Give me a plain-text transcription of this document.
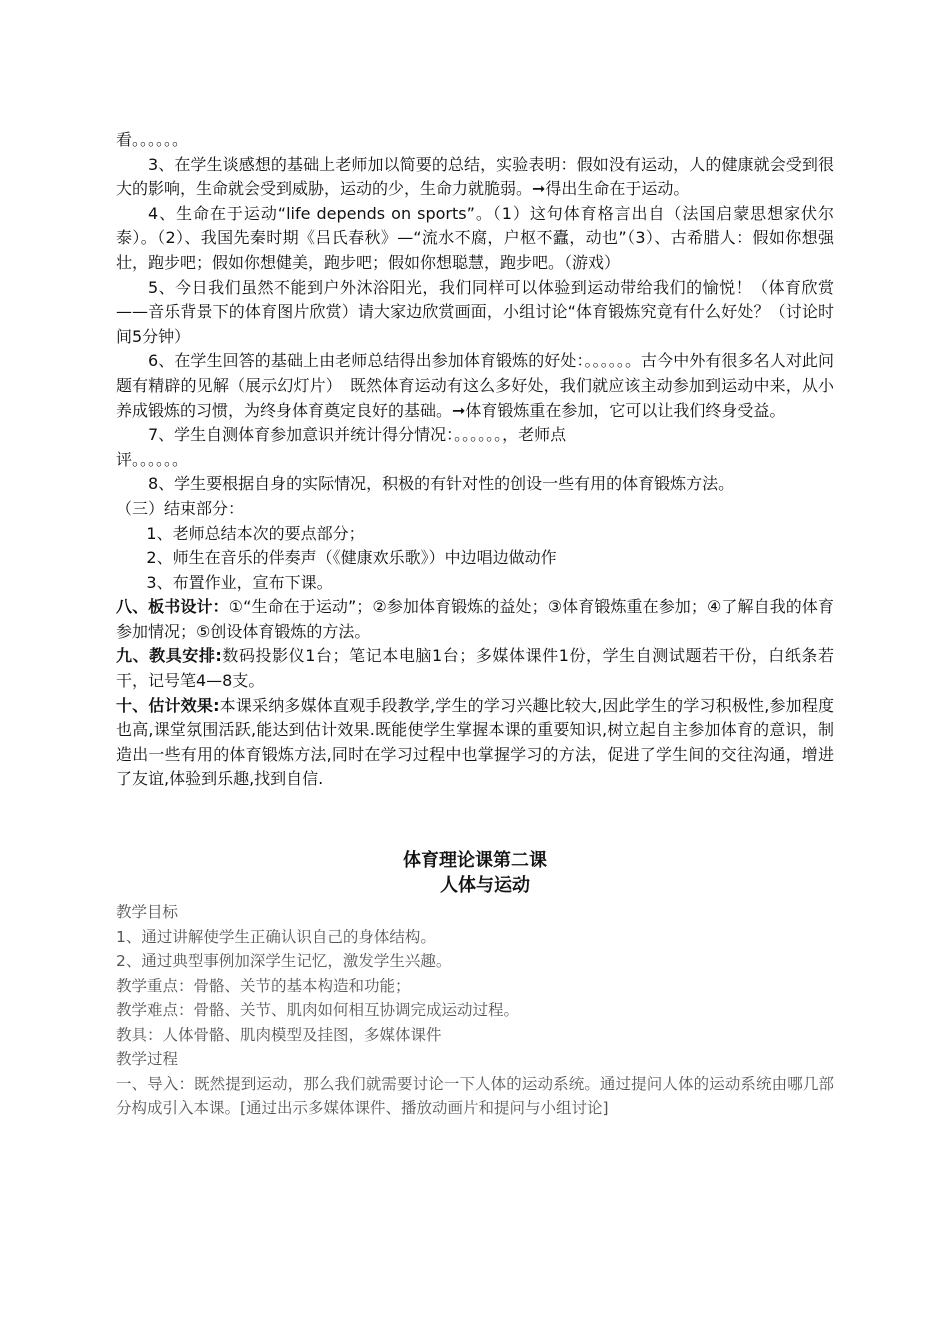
看。。。。。。

3、在学生谈感想的基础上老师加以简要的总结，实验表明：假如没有运动，人的健康就会受到很大的影响，生命就会受到威胁，运动的少，生命力就脆弱。➞得出生命在于运动。

4、生命在于运动“life depends on sports”。（1）这句体育格言出自（法国启蒙思想家伏尔泰）。（2）、我国先秦时期《吕氏春秋》—“流水不腐，户枢不蠹，动也”（3）、古希腊人：假如你想强壮，跑步吧；假如你想健美，跑步吧；假如你想聪慧，跑步吧。（游戏）

5、今日我们虽然不能到户外沐浴阳光，我们同样可以体验到运动带给我们的愉悦！（体育欣赏——音乐背景下的体育图片欣赏）请大家边欣赏画面，小组讨论“体育锻炼究竟有什么好处？（讨论时间5分钟）

6、在学生回答的基础上由老师总结得出参加体育锻炼的好处：。。。。。。古今中外有很多名人对此问题有精辟的见解（展示幻灯片）　既然体育运动有这么多好处，我们就应该主动参加到运动中来，从小养成锻炼的习惯，为终身体育奠定良好的基础。➞体育锻炼重在参加，它可以让我们终身受益。

7、学生自测体育参加意识并统计得分情况：。。。。。。，老师点

评。。。。。。

8、学生要根据自身的实际情况，积极的有针对性的创设一些有用的体育锻炼方法。

（三）结束部分：

1、老师总结本次的要点部分；

2、师生在音乐的伴奏声（《健康欢乐歌》）中边唱边做动作

3、布置作业，宣布下课。

八、板书设计：①“生命在于运动”；②参加体育锻炼的益处；③体育锻炼重在参加；④了解自我的体育参加情况；⑤创设体育锻炼的方法。

九、教具安排:数码投影仪1台；笔记本电脑1台；多媒体课件1份，学生自测试题若干份，白纸条若干，记号笔4—8支。

十、估计效果:本课采纳多媒体直观手段教学,学生的学习兴趣比较大,因此学生的学习积极性,参加程度也高,课堂氛围活跃,能达到估计效果.既能使学生掌握本课的重要知识,树立起自主参加体育的意识，制造出一些有用的体育锻炼方法,同时在学习过程中也掌握学习的方法，促进了学生间的交往沟通，增进了友谊,体验到乐趣,找到自信.

体育理论课第二课

人体与运动

教学目标

1、通过讲解使学生正确认识自己的身体结构。

2、通过典型事例加深学生记忆，激发学生兴趣。

教学重点：骨骼、关节的基本构造和功能；

教学难点：骨骼、关节、肌肉如何相互协调完成运动过程。

教具：人体骨骼、肌肉模型及挂图，多媒体课件

教学过程

一、导入：既然提到运动，那么我们就需要讨论一下人体的运动系统。通过提问人体的运动系统由哪几部分构成引入本课。[通过出示多媒体课件、播放动画片和提问与小组讨论]
